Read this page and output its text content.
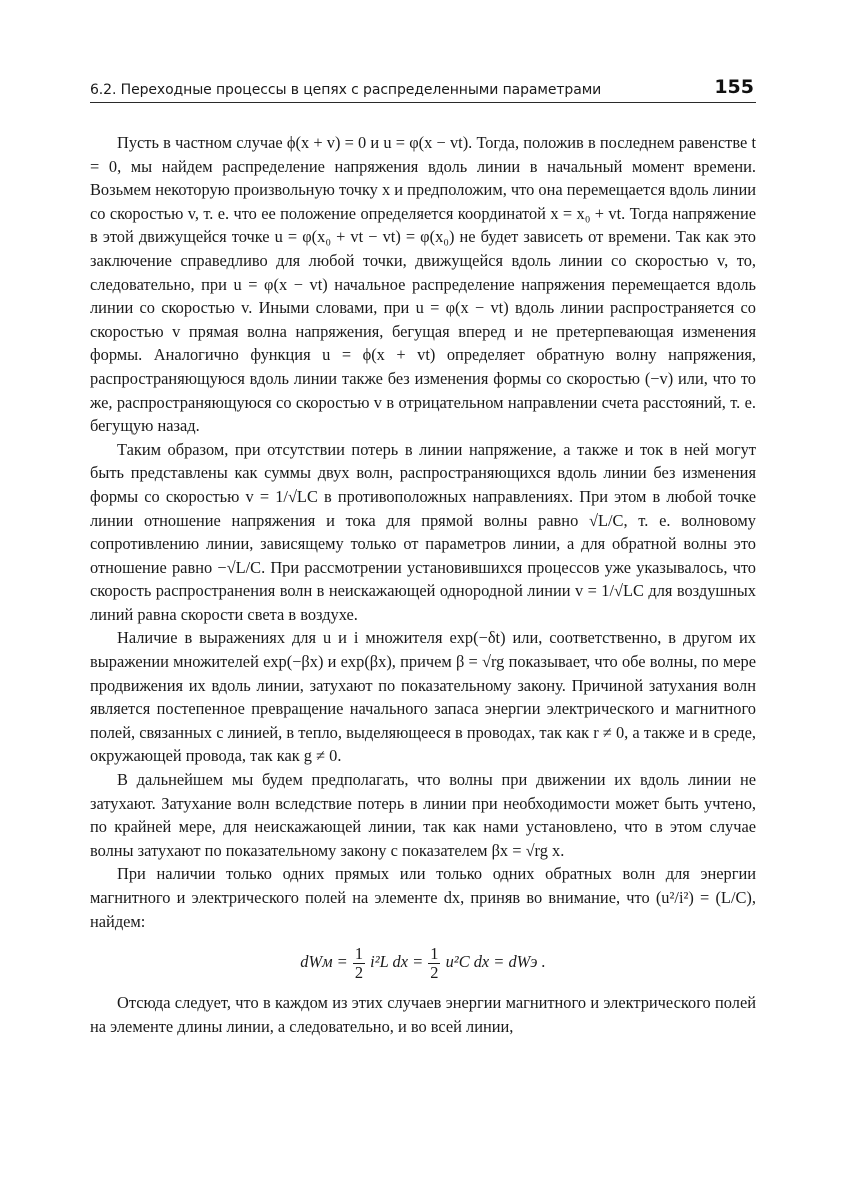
6.2. Переходные процессы в цепях с распределенными параметрами	155

Пусть в частном случае ϕ(x + v) = 0 и u = φ(x − vt). Тогда, положив в последнем равенстве t = 0, мы найдем распределение напряжения вдоль линии в начальный момент времени. Возьмем некоторую произвольную точку x и предположим, что она перемещается вдоль линии со скоростью v, т. е. что ее положение определяется координатой x = x₀ + vt. Тогда напряжение в этой движущейся точке u = φ(x₀ + vt − vt) = φ(x₀) не будет зависеть от времени. Так как это заключение справедливо для любой точки, движущейся вдоль линии со скоростью v, то, следовательно, при u = φ(x − vt) начальное распределение напряжения перемещается вдоль линии со скоростью v. Иными словами, при u = φ(x − vt) вдоль линии распространяется со скоростью v прямая волна напряжения, бегущая вперед и не претерпевающая изменения формы. Аналогично функция u = ϕ(x + vt) определяет обратную волну напряжения, распространяющуюся вдоль линии также без изменения формы со скоростью (−v) или, что то же, распространяющуюся со скоростью v в отрицательном направлении счета расстояний, т. е. бегущую назад.

Таким образом, при отсутствии потерь в линии напряжение, а также и ток в ней могут быть представлены как суммы двух волн, распространяющихся вдоль линии без изменения формы со скоростью v = 1/√LC в противоположных направлениях. При этом в любой точке линии отношение напряжения и тока для прямой волны равно √L/C, т. е. волновому сопротивлению линии, зависящему только от параметров линии, а для обратной волны это отношение равно −√L/C. При рассмотрении установившихся процессов уже указывалось, что скорость распространения волн в неискажающей однородной линии v = 1/√LC для воздушных линий равна скорости света в воздухе.

Наличие в выражениях для u и i множителя exp(−δt) или, соответственно, в другом их выражении множителей exp(−βx) и exp(βx), причем β = √rg показывает, что обе волны, по мере продвижения их вдоль линии, затухают по показательному закону. Причиной затухания волн является постепенное превращение начального запаса энергии электрического и магнитного полей, связанных с линией, в тепло, выделяющееся в проводах, так как r ≠ 0, а также и в среде, окружающей провода, так как g ≠ 0.

В дальнейшем мы будем предполагать, что волны при движении их вдоль линии не затухают. Затухание волн вследствие потерь в линии при необходимости может быть учтено, по крайней мере, для неискажающей линии, так как нами установлено, что в этом случае волны затухают по показательному закону с показателем βx = √rg x.

При наличии только одних прямых или только одних обратных волн для энергии магнитного и электрического полей на элементе dx, приняв во внимание, что (u²/i²) = (L/C), найдем:

dWм = $\frac{1}{2} i^2L$ dx = $\frac{1}{2} u^2C$ dx = dWэ .

Отсюда следует, что в каждом из этих случаев энергии магнитного и электрического полей на элементе длины линии, а следовательно, и во всей линии,
